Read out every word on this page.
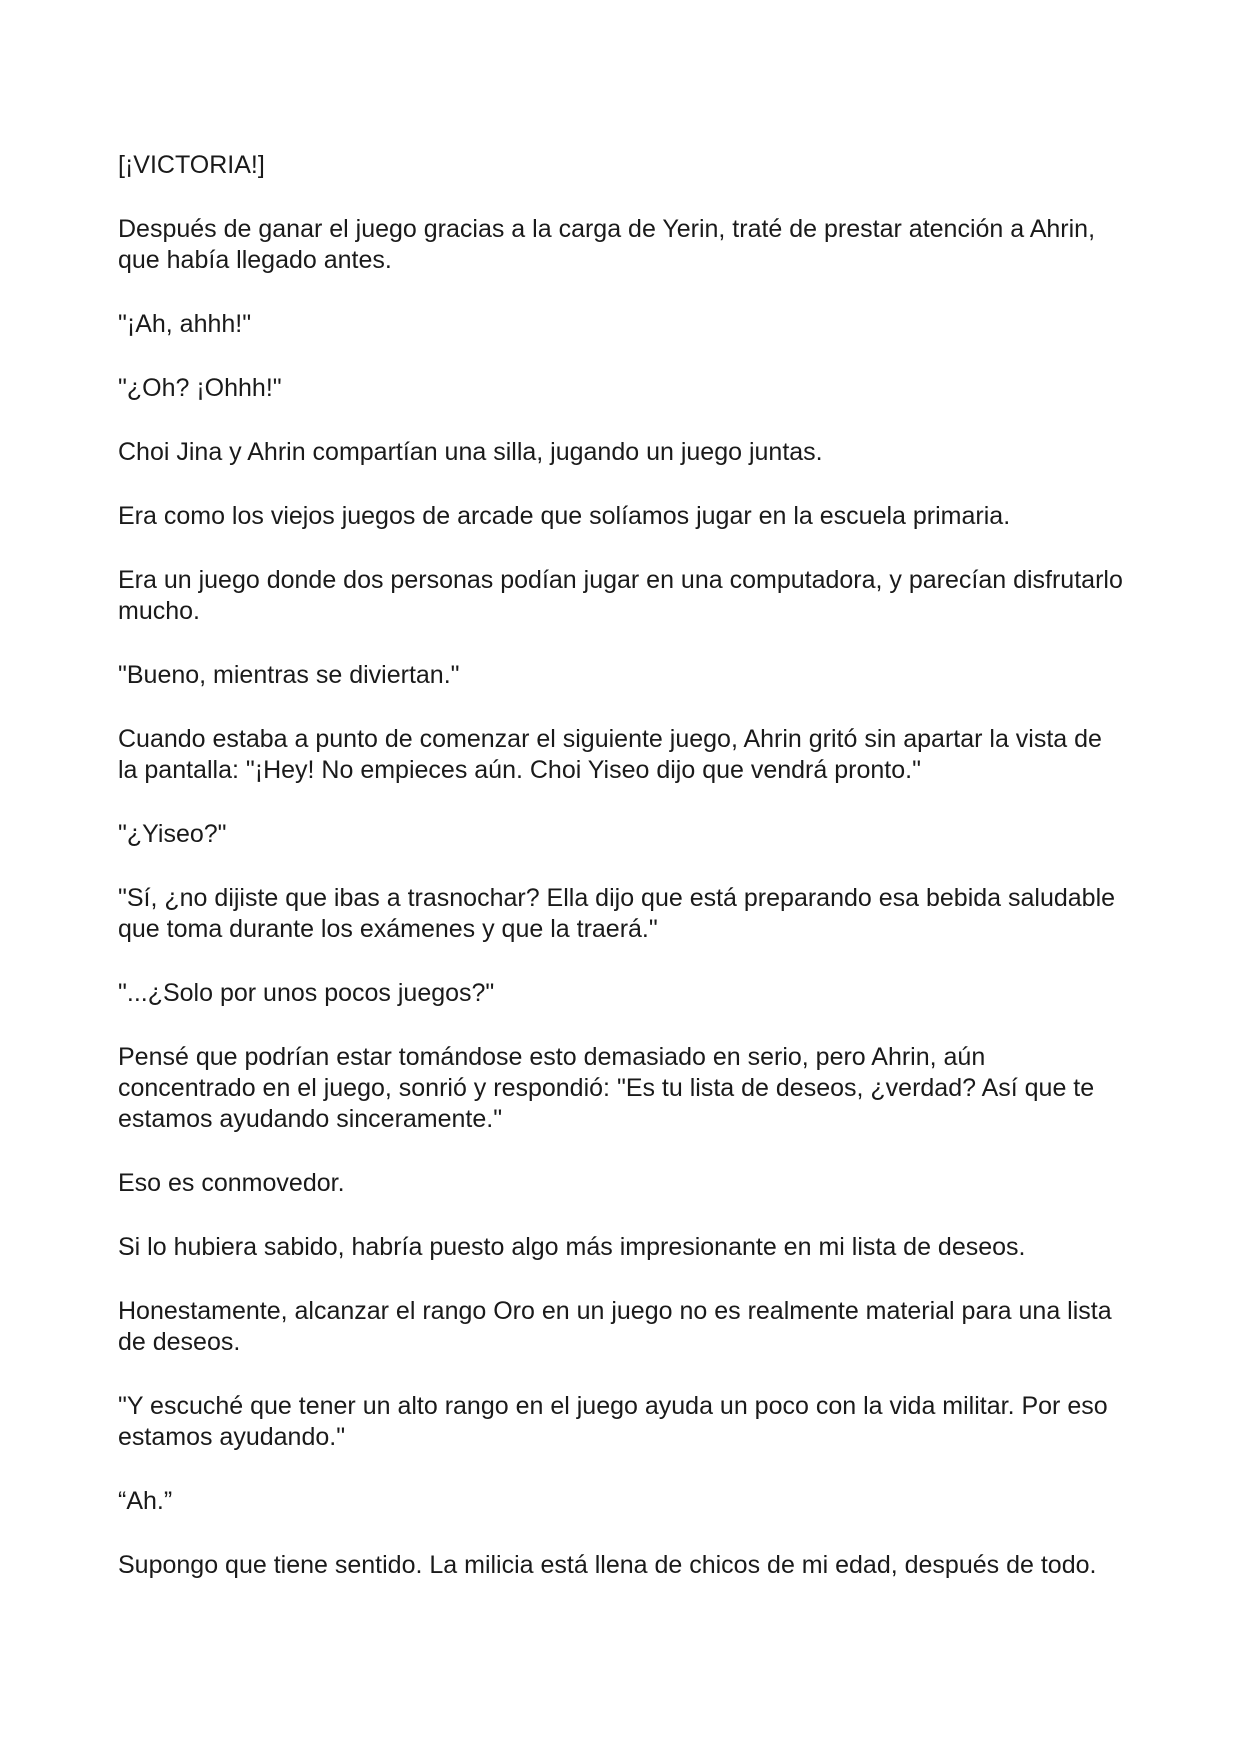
[¡VICTORIA!]

Después de ganar el juego gracias a la carga de Yerin, traté de prestar atención a Ahrin, que había llegado antes.

"¡Ah, ahhh!"

"¿Oh? ¡Ohhh!"

Choi Jina y Ahrin compartían una silla, jugando un juego juntas.

Era como los viejos juegos de arcade que solíamos jugar en la escuela primaria.

Era un juego donde dos personas podían jugar en una computadora, y parecían disfrutarlo mucho.

"Bueno, mientras se diviertan."

Cuando estaba a punto de comenzar el siguiente juego, Ahrin gritó sin apartar la vista de la pantalla: "¡Hey! No empieces aún. Choi Yiseo dijo que vendrá pronto."

"¿Yiseo?"

"Sí, ¿no dijiste que ibas a trasnochar? Ella dijo que está preparando esa bebida saludable que toma durante los exámenes y que la traerá."

"...¿Solo por unos pocos juegos?"

Pensé que podrían estar tomándose esto demasiado en serio, pero Ahrin, aún concentrado en el juego, sonrió y respondió: "Es tu lista de deseos, ¿verdad? Así que te estamos ayudando sinceramente."

Eso es conmovedor.

Si lo hubiera sabido, habría puesto algo más impresionante en mi lista de deseos.

Honestamente, alcanzar el rango Oro en un juego no es realmente material para una lista de deseos.

"Y escuché que tener un alto rango en el juego ayuda un poco con la vida militar. Por eso estamos ayudando."

“Ah.”

Supongo que tiene sentido. La milicia está llena de chicos de mi edad, después de todo.
